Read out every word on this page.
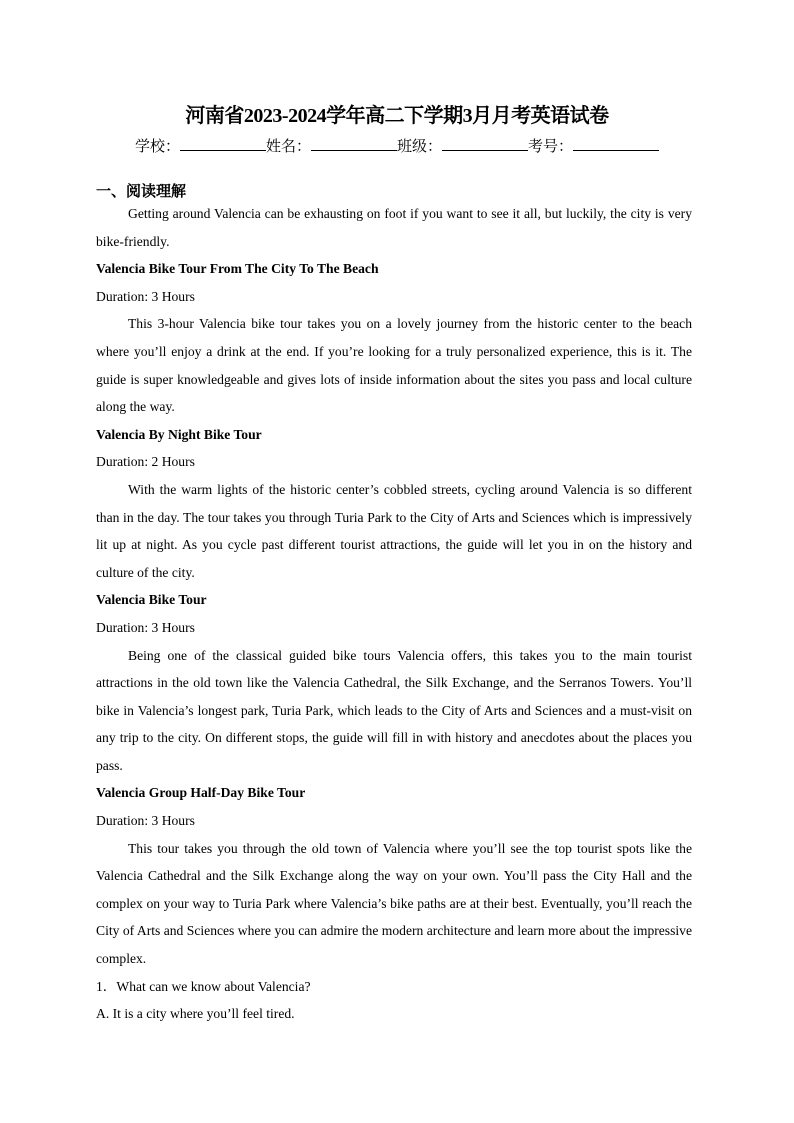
河南省2023-2024学年高二下学期3月月考英语试卷
学校：	姓名：	班级：	考号：
一、阅读理解

Getting around Valencia can be exhausting on foot if you want to see it all, but luckily, the city is very bike-friendly.

Valencia Bike Tour From The City To The Beach

Duration: 3 Hours

This 3-hour Valencia bike tour takes you on a lovely journey from the historic center to the beach where you’ll enjoy a drink at the end. If you’re looking for a truly personalized experience, this is it. The guide is super knowledgeable and gives lots of inside information about the sites you pass and local culture along the way.

Valencia By Night Bike Tour

Duration: 2 Hours

With the warm lights of the historic center’s cobbled streets, cycling around Valencia is so different than in the day. The tour takes you through Turia Park to the City of Arts and Sciences which is impressively lit up at night. As you cycle past different tourist attractions, the guide will let you in on the history and culture of the city.

Valencia Bike Tour

Duration: 3 Hours

Being one of the classical guided bike tours Valencia offers, this takes you to the main tourist attractions in the old town like the Valencia Cathedral, the Silk Exchange, and the Serranos Towers. You’ll bike in Valencia’s longest park, Turia Park, which leads to the City of Arts and Sciences and a must-visit on any trip to the city. On different stops, the guide will fill in with history and anecdotes about the places you pass.

Valencia Group Half-Day Bike Tour

Duration: 3 Hours

This tour takes you through the old town of Valencia where you’ll see the top tourist spots like the Valencia Cathedral and the Silk Exchange along the way on your own. You’ll pass the City Hall and the complex on your way to Turia Park where Valencia’s bike paths are at their best. Eventually, you’ll reach the City of Arts and Sciences where you can admire the modern architecture and learn more about the impressive complex.

1．What can we know about Valencia?

A. It is a city where you’ll feel tired.
